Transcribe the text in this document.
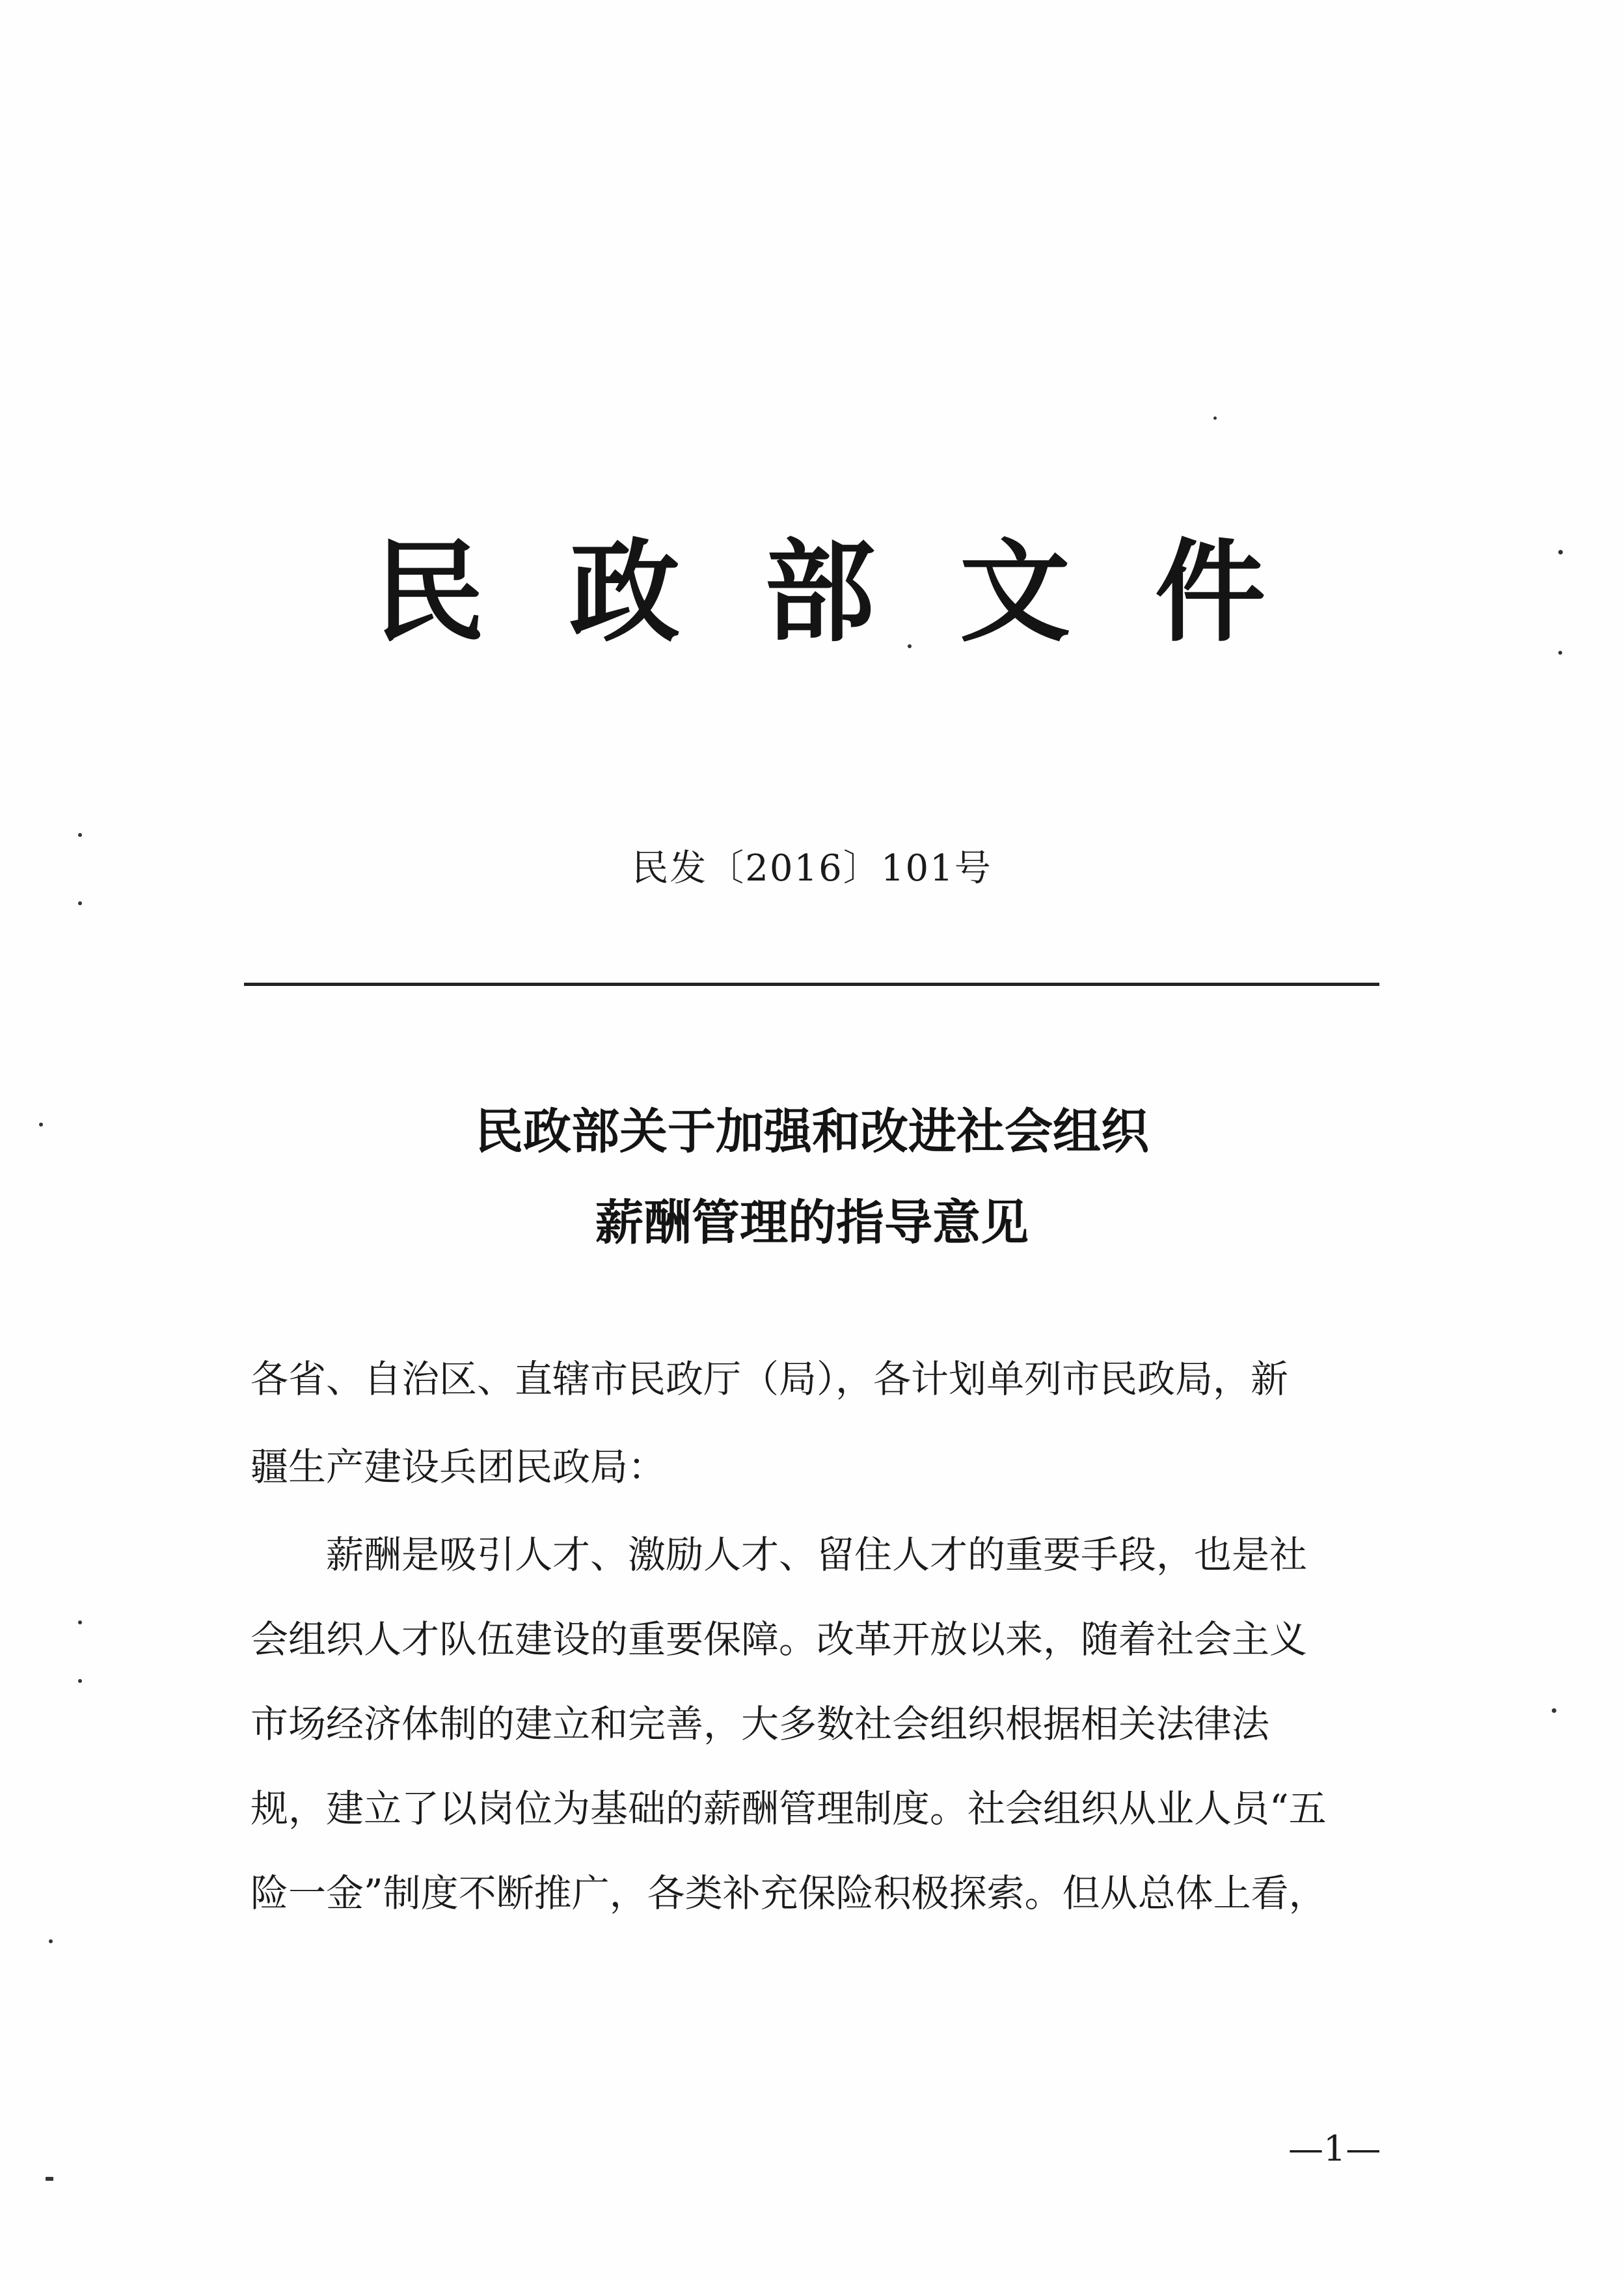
民 政 部 文 件
民发〔2016〕101号
民政部关于加强和改进社会组织
薪酬管理的指导意见
各省、自治区、直辖市民政厅（局），各计划单列市民政局，新
疆生产建设兵团民政局：
　　薪酬是吸引人才、激励人才、留住人才的重要手段，也是社
会组织人才队伍建设的重要保障。改革开放以来，随着社会主义
市场经济体制的建立和完善，大多数社会组织根据相关法律法
规，建立了以岗位为基础的薪酬管理制度。社会组织从业人员“五
险一金”制度不断推广，各类补充保险积极探索。但从总体上看，
—1—
